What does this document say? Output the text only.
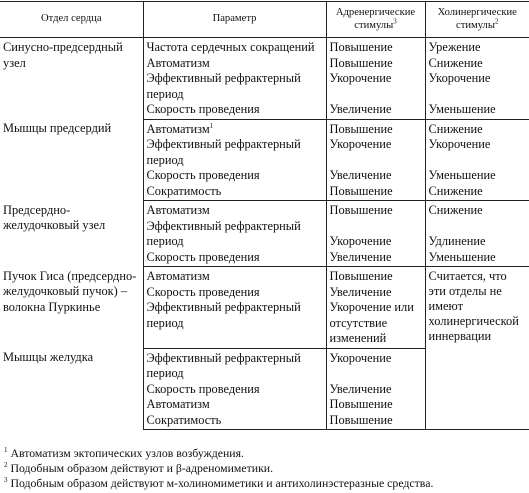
Отдел сердца	Параметр	Адренергические стимулы$^3$	Холинергические стимулы$^2$
Синусно-предсердный узел	Частота сердечных сокращений	Повышение	Урежение
	Автоматизм	Повышение	Снижение
	Эффективный рефрактерный период	Укорочение	Укорочение
	Скорость проведения	Увеличение	Уменьшение
Мышцы предсердий	Автоматизм$^1$	Повышение	Снижение
	Эффективный рефрактерный период	Укорочение	Укорочение
	Скорость проведения	Увеличение	Уменьшение
	Сократимость	Повышение	Снижение
Предсердно-желудочковый узел	Автоматизм	Повышение	Снижение
	Эффективный рефрактерный период	Укорочение	Удлинение
	Скорость проведения	Увеличение	Уменьшение
Пучок Гиса (предсердно-желудочковый пучок) – волокна Пуркинье	Автоматизм	Повышение	Считается, что эти отделы не имеют холинергической иннервации
	Скорость проведения	Увеличение	
	Эффективный рефрактерный период	Укорочение или отсутствие изменений	
Мышцы желудка	Эффективный рефрактерный период	Укорочение	
	Скорость проведения	Увеличение	
	Автоматизм	Повышение	
	Сократимость	Повышение	
$^1$ Автоматизм эктопических узлов возбуждения.
$^2$ Подобным образом действуют и β-адреномиметики.
$^3$ Подобным образом действуют м-холиномиметики и антихолинэстеразные средства.
